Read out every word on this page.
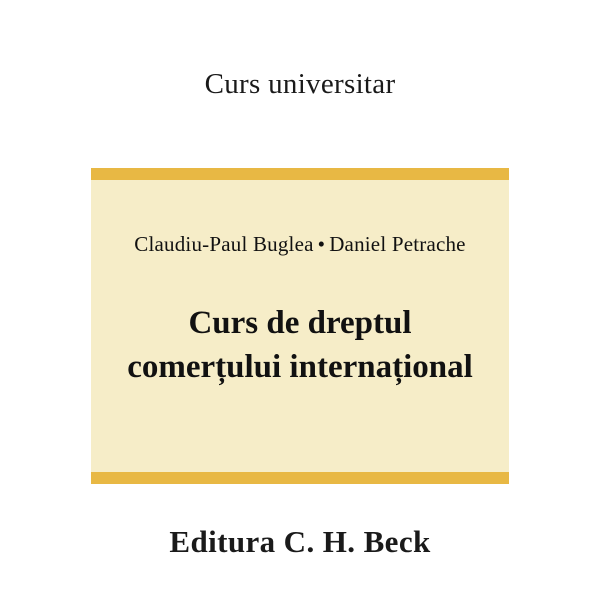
Curs universitar
Claudiu-Paul Buglea • Daniel Petrache
Curs de dreptul
comerțului internațional
Editura C. H. Beck
